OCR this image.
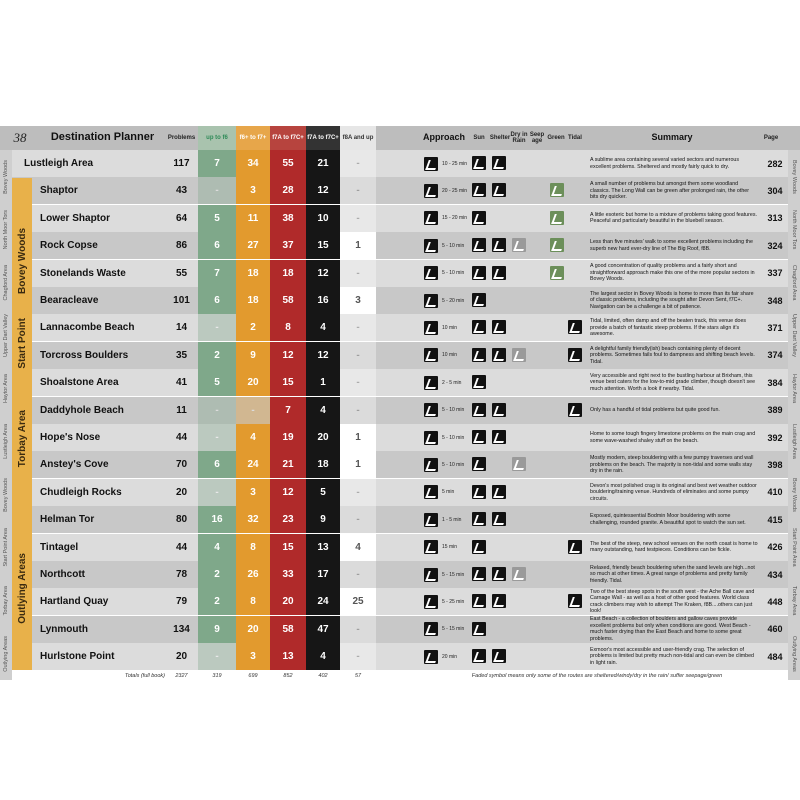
38	Destination Planner	Problems	up to f6	f6+ to f7+ f7A to f7C+ f7A to f7C+ f8A and up	Approach	Sun Shelter
Dry in Rain
Seep age
Green Tidal	Summary	Page
Bovey Woods
North Moor Tors
Chagford Area
Upper Dart Valley
Haytor Area
Lustleigh Area
Bovey Woods
Start Point Area
Torbay Area
Outlying Areas
Bovey Woods
North Moor Tors
Chagford Area
Upper Dart Valley
Haytor Area
Lustleigh Area
Bovey Woods
Start Point Area
Torbay Area
Outlying Areas
Lustleigh Area	117	7	34	55	21	-	10 - 25 min
A sublime area containing several varied sectors and numerous excellent problems. Sheltered and mostly fairly quick to dry.	282
Shaptor	43	-	3	28	12	-	20 - 25 min
A small number of problems but amongst them some woodland classics. The Long Wall can be green after prolonged rain, the other bits dry quicker.
304
Lower Shaptor	64	5	11	38	10	-	15 - 20 min
A little esoteric but home to a mixture of problems taking good features. Peaceful and particularly beautiful in the bluebell season.	313
Rock Copse	86	6	27	37	15	1	5 - 10 min
Less than five minutes' walk to some excellent problems including the superb new hard ever-dry line of The Big Roof, f8B.	324
Stonelands Waste	55	7	18	18	12	-	5 - 10 min
A good concentration of quality problems and a fairly short and straightforward approach make this one of the more popular sectors in Bovey Woods.
337
Bearacleave	101	6	18	58	16	3	5 - 20 min
The largest sector in Bovey Woods is home to more than its fair share of classic problems, including the sought after Devon Sent, f7C+. Navigation can be a challenge a bit of patience.
348
Lannacombe Beach	14	-	2	8	4	-	10 min
Tidal, limited, often damp and off the beaten track, this venue does provide a batch of fantastic steep problems. If the stars align it's awesome.
371
Torcross Boulders	35	2	9	12	12	-	10 min
A delightful family friendly(ish) beach containing plenty of decent problems. Sometimes fails foul to dampness and shifting beach levels. Tidal.
374
Shoalstone Area	41	5	20	15	1	-	2 - 5 min
Very accessible and right next to the bustling harbour at Brixham, this venue best caters for the low-to-mid grade climber, though doesn't see much attention. Worth a look if nearby. Tidal.
384
Daddyhole Beach	11	-	-	7	4	-	5 - 10 min	Only has a handful of tidal problems but quite good fun.	389
Hope's Nose	44	-	4	19	20	1	5 - 10 min
Home to some tough fingery limestone problems on the main crag and some wave-washed shaley stuff on the beach.	392
Anstey's Cove	70	6	24	21	18	1	5 - 10 min
Mostly modern, steep bouldering with a few pumpy traverses and wall problems on the beach. The majority is non-tidal and some walls stay dry in the rain.
398
Chudleigh Rocks	20	-	3	12	5	-	5 min
Devon's most polished crag is its original and best wet weather outdoor bouldering/training venue. Hundreds of eliminates and some pumpy circuits.
410
Helman Tor	80	16	32	23	9	-	1 - 5 min
Exposed, quintessential Bodmin Moor bouldering with some challenging, rounded granite. A beautiful spot to watch the sun set.	415
Tintagel	44	4	8	15	13	4	15 min
The best of the steep, new school venues on the north coast is home to many outstanding, hard testpieces. Conditions can be fickle.	426
Northcott	78	2	26	33	17	-	5 - 15 min
Relaxed, friendly beach bouldering when the sand levels are high...not so much at other times. A great range of problems and pretty family friendly. Tidal.
434
Hartland Quay	79	2	8	20	24	25	5 - 25 min
Two of the best steep spots in the south west - the Ache Ball cave and Carnage Wall - as well as a host of other good features. World class crack climbers may wish to attempt The Kraken, f8B....others can just look!
448
Lynmouth	134	9	20	58	47	-	5 - 15 min
East Beach - a collection of boulders and gallow caves provide excellent problems but only when conditions are good. West Beach - much faster drying than the East Beach and home to some great problems.
460
Hurlstone Point	20	-	3	13	4	-	20 min
Exmoor's most accessible and user-friendly crag. The selection of problems is limited but pretty much non-tidal and can even be climbed in light rain.
484
Bovey Woods
Start Point
Torbay Area
Outlying Areas
Totals (full book)	2327	319	699	852	402	57	Faded symbol means only some of the routes are sheltered/windy/dry in the rain/ suffer seepage/green
